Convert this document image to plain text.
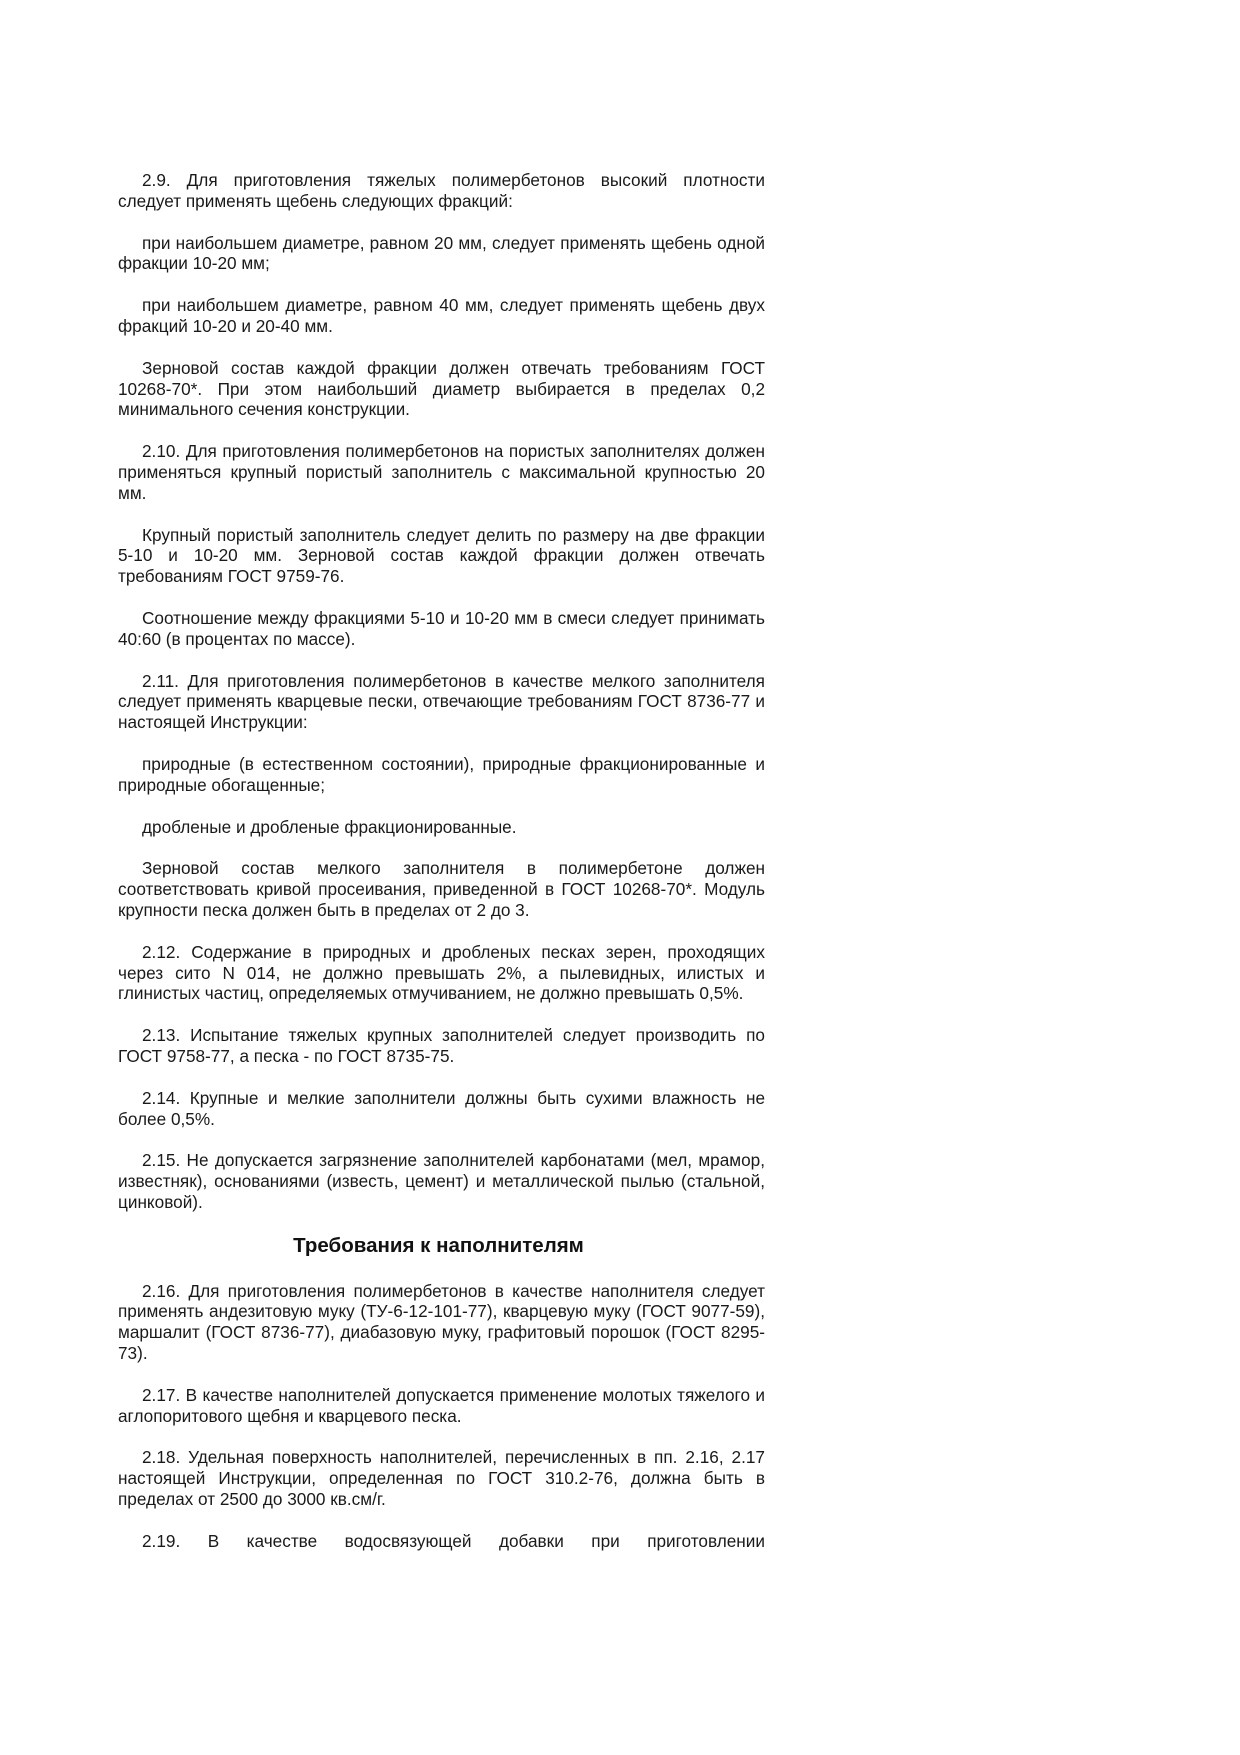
2.9. Для приготовления тяжелых полимербетонов высокий плотности следует применять щебень следующих фракций:

при наибольшем диаметре, равном 20 мм, следует применять щебень одной фракции 10-20 мм;

при наибольшем диаметре, равном 40 мм, следует применять щебень двух фракций 10-20 и 20-40 мм.

Зерновой состав каждой фракции должен отвечать требованиям ГОСТ 10268-70*. При этом наибольший диаметр выбирается в пределах 0,2 минимального сечения конструкции.

2.10. Для приготовления полимербетонов на пористых заполнителях должен применяться крупный пористый заполнитель с максимальной крупностью 20 мм.

Крупный пористый заполнитель следует делить по размеру на две фракции 5-10 и 10-20 мм. Зерновой состав каждой фракции должен отвечать требованиям ГОСТ 9759-76.

Соотношение между фракциями 5-10 и 10-20 мм в смеси следует принимать 40:60 (в процентах по массе).

2.11. Для приготовления полимербетонов в качестве мелкого заполнителя следует применять кварцевые пески, отвечающие требованиям ГОСТ 8736-77 и настоящей Инструкции:

природные (в естественном состоянии), природные фракционированные и природные обогащенные;

дробленые и дробленые фракционированные.

Зерновой состав мелкого заполнителя в полимербетоне должен соответствовать кривой просеивания, приведенной в ГОСТ 10268-70*. Модуль крупности песка должен быть в пределах от 2 до 3.

2.12. Содержание в природных и дробленых песках зерен, проходящих через сито N 014, не должно превышать 2%, а пылевидных, илистых и глинистых частиц, определяемых отмучиванием, не должно превышать 0,5%.

2.13. Испытание тяжелых крупных заполнителей следует производить по ГОСТ 9758-77, а песка - по ГОСТ 8735-75.

2.14. Крупные и мелкие заполнители должны быть сухими влажность не более 0,5%.

2.15. Не допускается загрязнение заполнителей карбонатами (мел, мрамор, известняк), основаниями (известь, цемент) и металлической пылью (стальной, цинковой).

Требования к наполнителям

2.16. Для приготовления полимербетонов в качестве наполнителя следует применять андезитовую муку (ТУ-6-12-101-77), кварцевую муку (ГОСТ 9077-59), маршалит (ГОСТ 8736-77), диабазовую муку, графитовый порошок (ГОСТ 8295-73).

2.17. В качестве наполнителей допускается применение молотых тяжелого и аглопоритового щебня и кварцевого песка.

2.18. Удельная поверхность наполнителей, перечисленных в пп. 2.16, 2.17 настоящей Инструкции, определенная по ГОСТ 310.2-76, должна быть в пределах от 2500 до 3000 кв.см/г.

2.19. В качестве водосвязующей добавки при приготовлении
